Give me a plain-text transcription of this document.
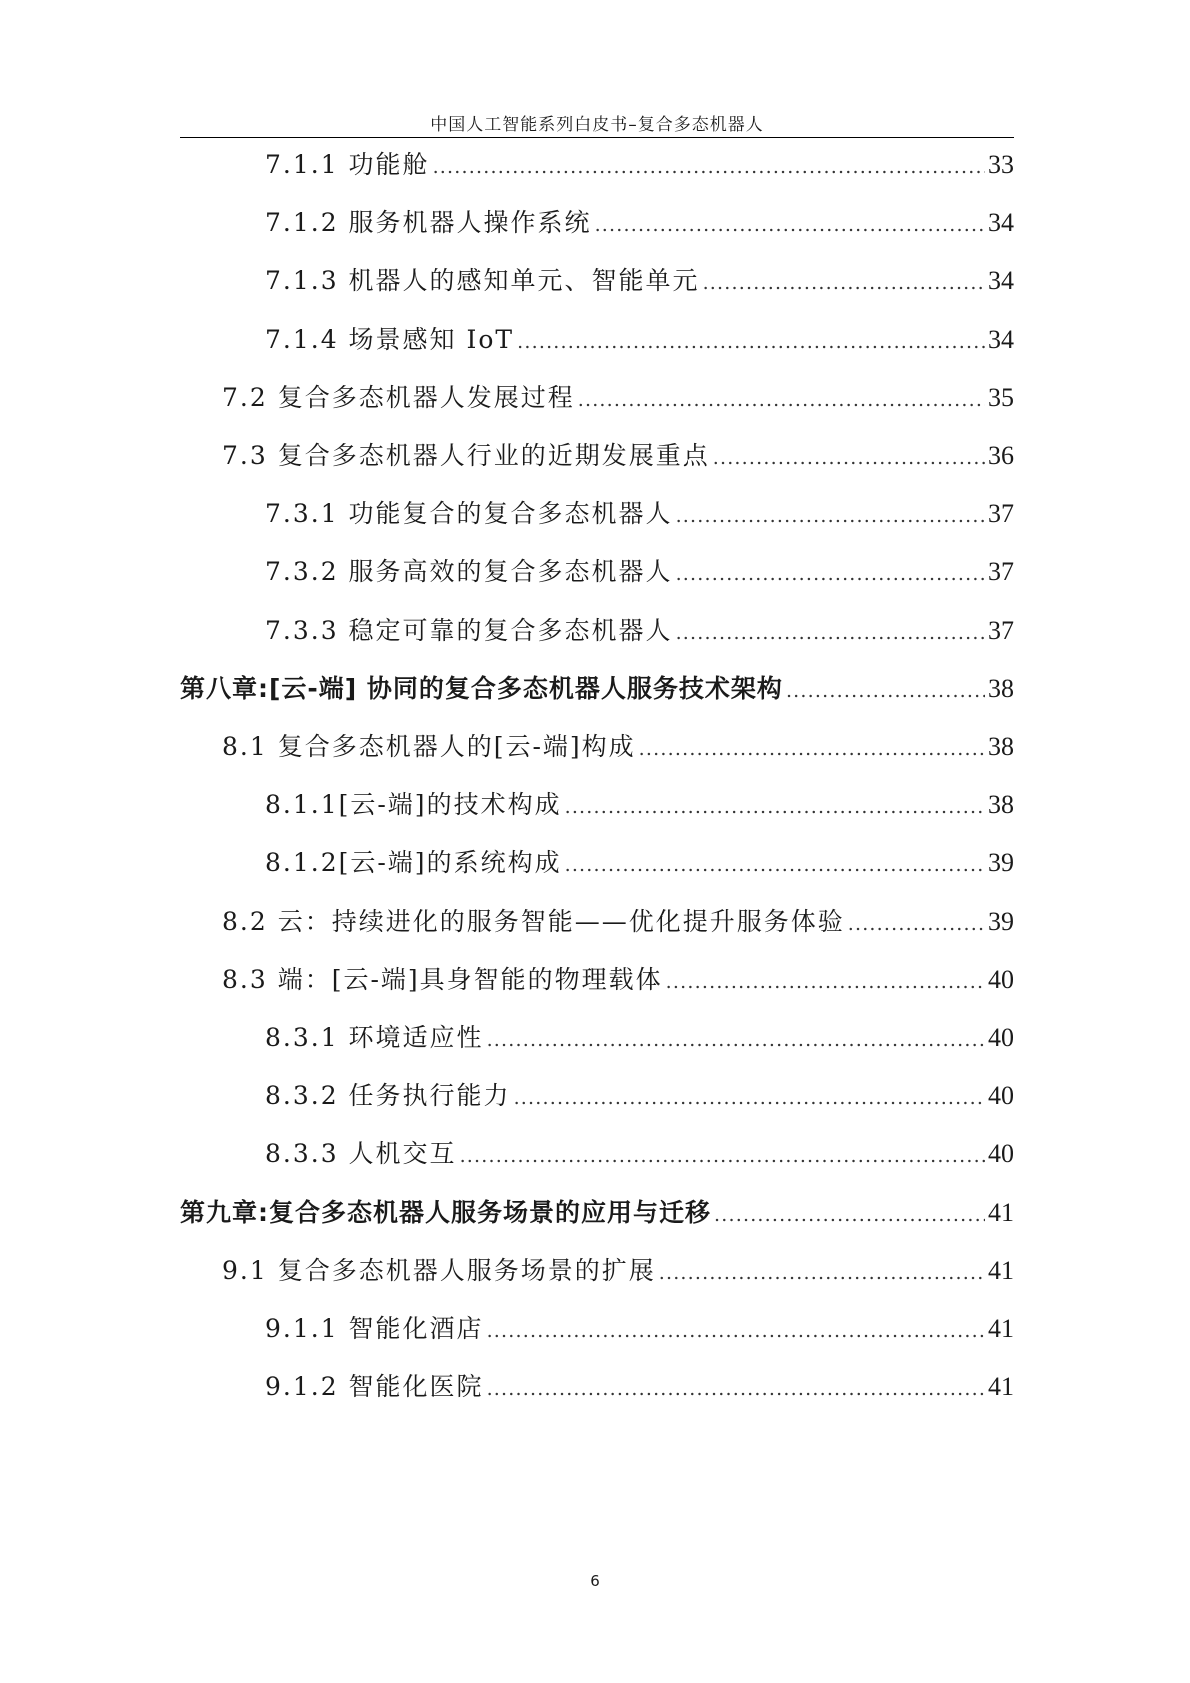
中国人工智能系列白皮书–复合多态机器人
7.1.1 功能舱 .....	33
7.1.2 服务机器人操作系统 .....	34
7.1.3 机器人的感知单元、智能单元 .....	34
7.1.4 场景感知 IoT .....	34
7.2 复合多态机器人发展过程 .....	35
7.3 复合多态机器人行业的近期发展重点 .....	36
7.3.1 功能复合的复合多态机器人 .....	37
7.3.2 服务高效的复合多态机器人 .....	37
7.3.3 稳定可靠的复合多态机器人 .....	37
第八章:[云-端] 协同的复合多态机器人服务技术架构 .....	38
8.1 复合多态机器人的[云-端]构成 .....	38
8.1.1[云-端]的技术构成 .....	38
8.1.2[云-端]的系统构成 .....	39
8.2 云：持续进化的服务智能——优化提升服务体验 .....	39
8.3 端：[云-端]具身智能的物理载体 .....	40
8.3.1 环境适应性 .....	40
8.3.2 任务执行能力 .....	40
8.3.3 人机交互 .....	40
第九章:复合多态机器人服务场景的应用与迁移 .....	41
9.1 复合多态机器人服务场景的扩展 .....	41
9.1.1 智能化酒店 .....	41
9.1.2 智能化医院 .....	41
6
